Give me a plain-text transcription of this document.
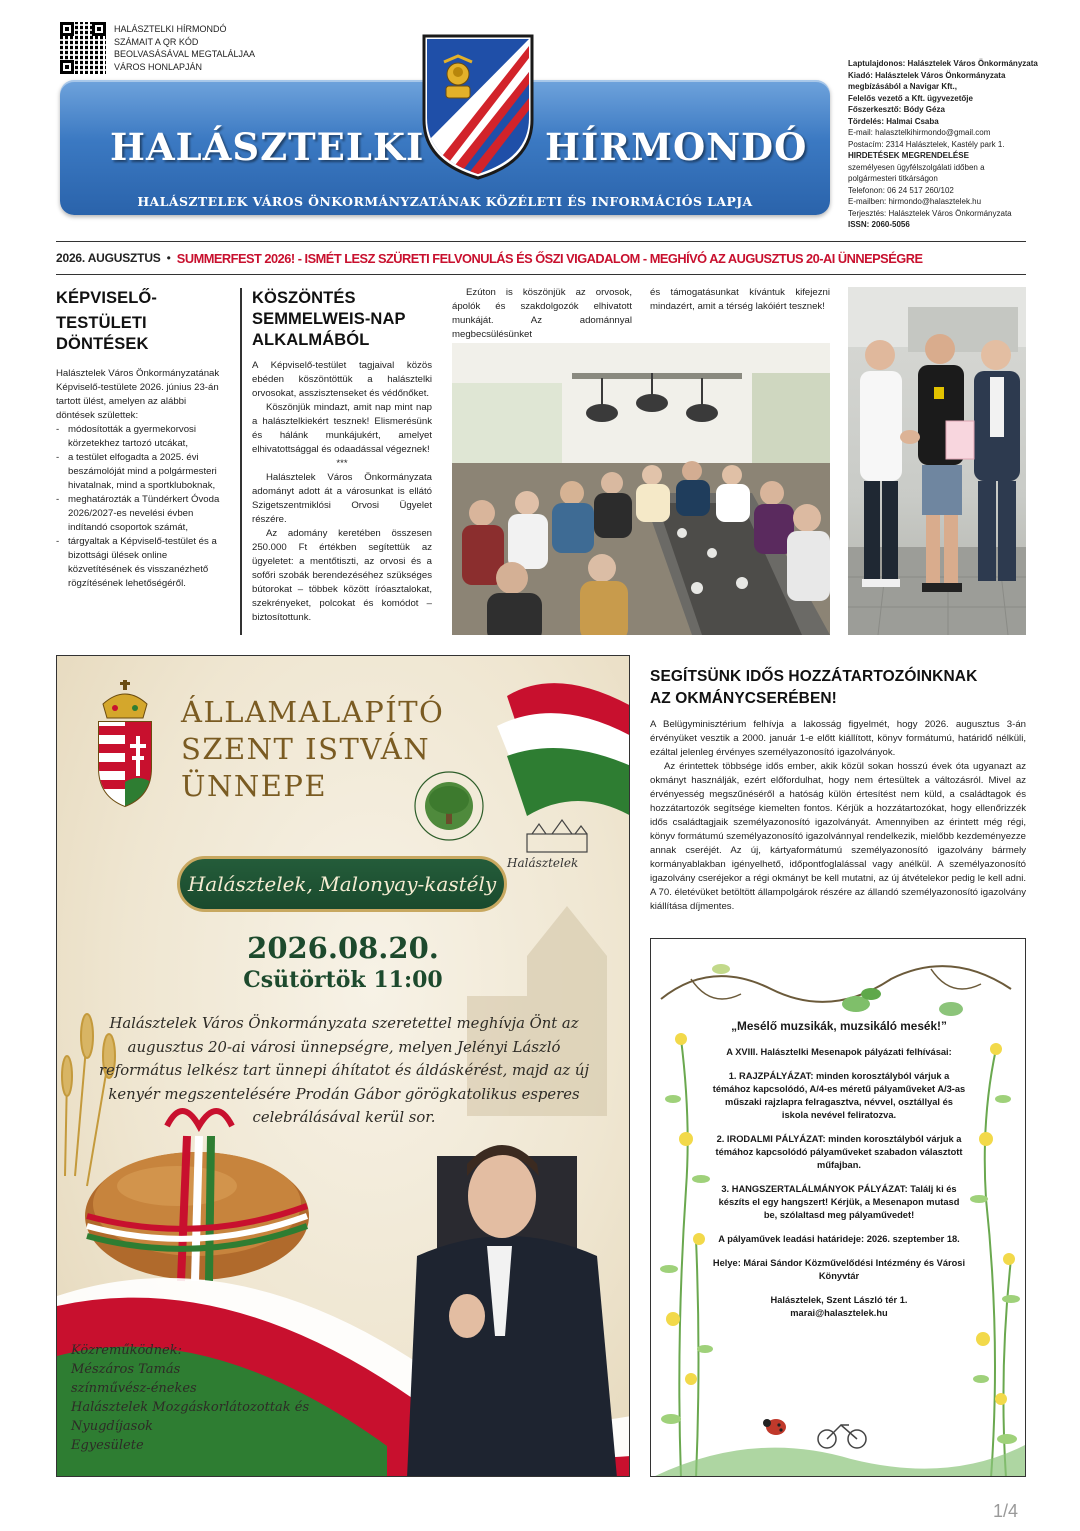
HALÁSZTELKI HÍRMONDÓ
SZÁMAIT A QR KÓD
BEOLVASÁSÁVAL MEGTALÁLJAA
VÁROS HONLAPJÁN
HALÁSZTELKI	HÍRMONDÓ
HALÁSZTELEK VÁROS ÖNKORMÁNYZATÁNAK KÖZÉLETI ÉS INFORMÁCIÓS LAPJA
Laptulajdonos: Halásztelek Város Önkormányzata
Kiadó: Halásztelek Város Önkormányzata
megbízásából a Navigar Kft.,
Felelős vezető a Kft. ügyvezetője
Főszerkesztő: Bódy Géza
Tördelés: Halmai Csaba
E-mail: halasztelkihirmondo@gmail.com
Postacím: 2314 Halásztelek, Kastély park 1.
HIRDETÉSEK MEGRENDELÉSE
személyesen ügyfélszolgálati időben a
polgármesteri titkárságon
Telefonon: 06 24 517 260/102
E-mailben: hirmondo@halasztelek.hu
Terjesztés: Halásztelek Város Önkormányzata
ISSN: 2060-5056
2026. AUGUSZTUS • SUMMERFEST 2026! - ISMÉT LESZ SZÜRETI FELVONULÁS ÉS ŐSZI VIGADALOM - MEGHÍVÓ AZ AUGUSZTUS 20-AI ÜNNEPSÉGRE
KÉPVISELŐ-
TESTÜLETI DÖNTÉSEK

Halásztelek Város Önkormányzatának Képviselő-testülete 2026. június 23-án tartott ülést, amelyen az alábbi döntések születtek:

- módosították a gyermekorvosi körzetekhez tartozó utcákat,
- a testület elfogadta a 2025. évi beszámolóját mind a polgármesteri hivatalnak, mind a sportkluboknak,
- meghatározták a Tündérkert Óvoda 2026/2027-es nevelési évben indítandó csoportok számát,
- tárgyaltak a Képviselő-testület és a bizottsági ülések online közvetítésének és visszanézhető rögzítésének lehetőségéről.
KÖSZÖNTÉS
SEMMELWEIS-NAP
ALKALMÁBÓL

A Képviselő-testület tagjaival közös ebéden köszöntöttük a halásztelki orvosokat, asszisztenseket és védőnőket.

Köszönjük mindazt, amit nap mint nap a halásztelkiekért tesznek! Elismerésünk és hálánk munkájukért, amelyet elhivatottsággal és odaadással végeznek!

***

Halásztelek Város Önkormányzata adományt adott át a városunkat is ellátó Szigetszentmiklósi Orvosi Ügyelet részére.

Az adomány keretében összesen 250.000 Ft értékben segítettük az ügyeletet: a mentőtiszti, az orvosi és a sofőri szobák berendezéséhez szükséges bútorokat – többek között íróasztalokat, szekrényeket, polcokat és komódot – biztosítottunk.

Ezúton is köszönjük az orvosok, ápolók és szakdolgozók elhivatott munkáját. Az adománnyal megbecsülésünket

és támogatásunkat kívántuk kifejezni mindazért, amit a térség lakóiért tesznek!

ÁLLAMALAPÍTÓ
SZENT ISTVÁN
ÜNNEPE
Halásztelek
Halásztelek, Malonyay-kastély
2026.08.20.
Csütörtök 11:00
Halásztelek Város Önkormányzata szeretettel meghívja Önt az augusztus 20-ai városi ünnepségre, melyen Jelényi László református lelkész tart ünnepi áhítatot és áldáskérést, majd az új kenyér megszentelésére Prodán Gábor görögkatolikus esperes celebrálásával kerül sor.
Közreműködnek:
Mészáros Tamás
színművész-énekes
Halásztelek Mozgáskorlátozottak és Nyugdíjasok
Egyesülete
SEGÍTSÜNK IDŐS HOZZÁTARTOZÓINKNAK
AZ OKMÁNYCSERÉBEN!

A Belügyminisztérium felhívja a lakosság figyelmét, hogy 2026. augusztus 3-án érvényüket vesztik a 2000. január 1-e előtt kiállított, könyv formátumú, határidő nélküli, ezáltal jelenleg érvényes személyazonosító igazolványok.

Az érintettek többsége idős ember, akik közül sokan hosszú évek óta ugyanazt az okmányt használják, ezért előfordulhat, hogy nem értesültek a változásról. Mivel az érvényesség megszűnéséről a hatóság külön értesítést nem küld, a családtagok és hozzátartozók segítsége kiemelten fontos. Kérjük a hozzátartozókat, hogy ellenőrizzék idős családtagjaik személyazonosító igazolványát. Amennyiben az érintett még régi, könyv formátumú személyazonosító igazolvánnyal rendelkezik, mielőbb kezdeményezze annak cseréjét. Az új, kártyaformátumú személyazonosító igazolvány bármely kormányablakban igényelhető, időpontfoglalással vagy anélkül. A személyazonosító igazolvány cseréjekor a régi okmányt be kell mutatni, az új átvételekor pedig le kell adni. A 70. életévüket betöltött állampolgárok részére az állandó személyazonosító igazolvány kiállítása díjmentes.

„Mesélő muzsikák, muzsikáló mesék!”

A XVIII. Halásztelki Mesenapok pályázati felhívásai:

1. RAJZPÁLYÁZAT: minden korosztályból várjuk a témához kapcsolódó, A/4-es méretű pályaműveket A/3-as műszaki rajzlapra felragasztva, névvel, osztállyal és iskola nevével feliratozva.

2. IRODALMI PÁLYÁZAT: minden korosztályból várjuk a témához kapcsolódó pályaműveket szabadon választott műfajban.

3. HANGSZERTALÁLMÁNYOK PÁLYÁZAT: Találj ki és készíts el egy hangszert! Kérjük, a Mesenapon mutasd be, szólaltasd meg pályaművedet!

A pályaművek leadási határideje: 2026. szeptember 18.

Helye: Márai Sándor Közművelődési Intézmény és Városi Könyvtár

Halásztelek, Szent László tér 1.
marai@halasztelek.hu
1/4
